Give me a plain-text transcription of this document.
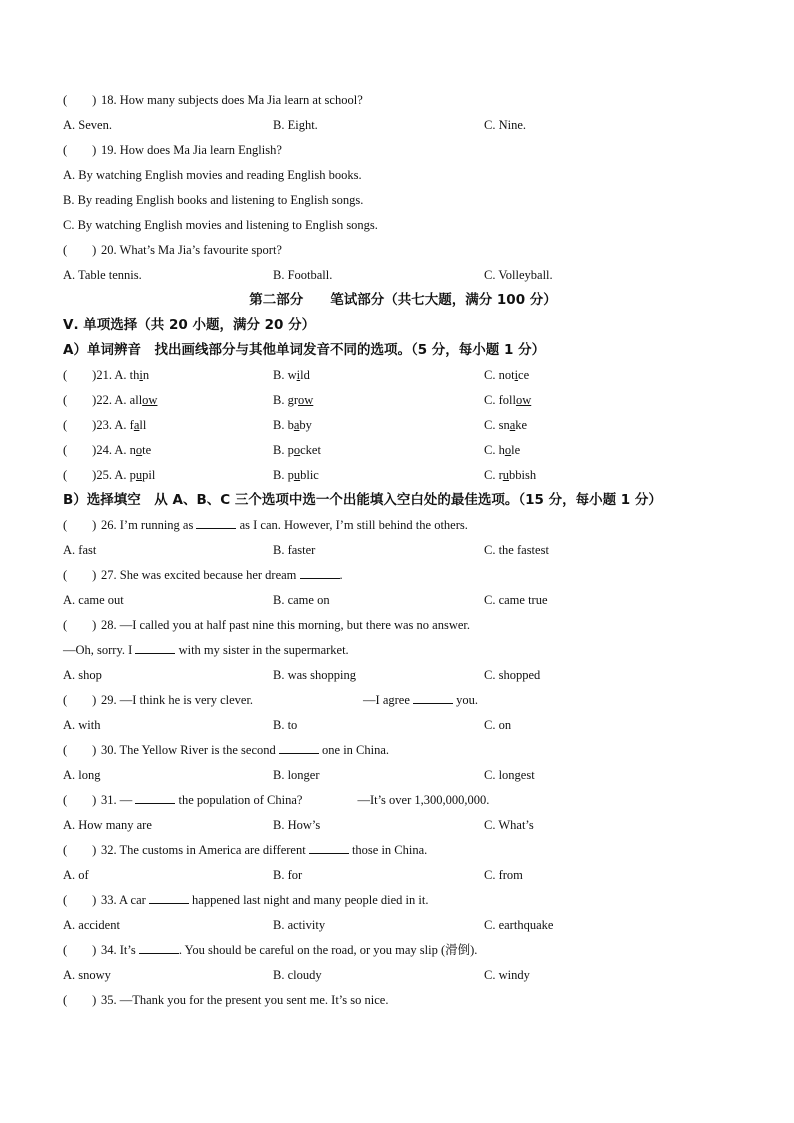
(　　) 18. How many subjects does Ma Jia learn at school?
A. Seven.	B. Eight.	C. Nine.
(　　) 19. How does Ma Jia learn English?
A. By watching English movies and reading English books.
B. By reading English books and listening to English songs.
C. By watching English movies and listening to English songs.
(　　) 20. What’s Ma Jia’s favourite sport?
A. Table tennis.	B. Football.	C. Volleyball.
第二部分　　笔试部分（共七大题，满分 100 分）
Ⅴ. 单项选择（共 20 小题，满分 20 分）
A）单词辨音　找出画线部分与其他单词发音不同的选项。（5 分，每小题 1 分）
(　　)21. A. thin	B. wild	C. notice
(　　)22. A. allow	B. grow	C. follow
(　　)23. A. fall	B. baby	C. snake
(　　)24. A. note	B. pocket	C. hole
(　　)25. A. pupil	B. public	C. rubbish
B）选择填空　从 A、B、C 三个选项中选一个出能填入空白处的最佳选项。（15 分，每小题 1 分）
(　　) 26. I’m running as	as I can. However, I’m still behind the others.
A. fast	B. faster	C. the fastest
(　　) 27. She was excited because her dream	.
A. came out	B. came on	C. came true
(　　) 28. —I called you at half past nine this morning, but there was no answer.
—Oh, sorry. I	with my sister in the supermarket.
A. shop	B. was shopping	C. shopped
(　　) 29. —I think he is very clever.	—I agree	you.
A. with	B. to	C. on
(　　) 30. The Yellow River is the second	one in China.
A. long	B. longer	C. longest
(　　) 31. —	the population of China?	—It’s over 1,300,000,000.
A. How many are	B. How’s	C. What’s
(　　) 32. The customs in America are different	those in China.
A. of	B. for	C. from
(　　) 33. A car	happened last night and many people died in it.
A. accident	B. activity	C. earthquake
(　　) 34. It’s	. You should be careful on the road, or you may slip (滑倒).
A. snowy	B. cloudy	C. windy
(　　) 35. —Thank you for the present you sent me. It’s so nice.
